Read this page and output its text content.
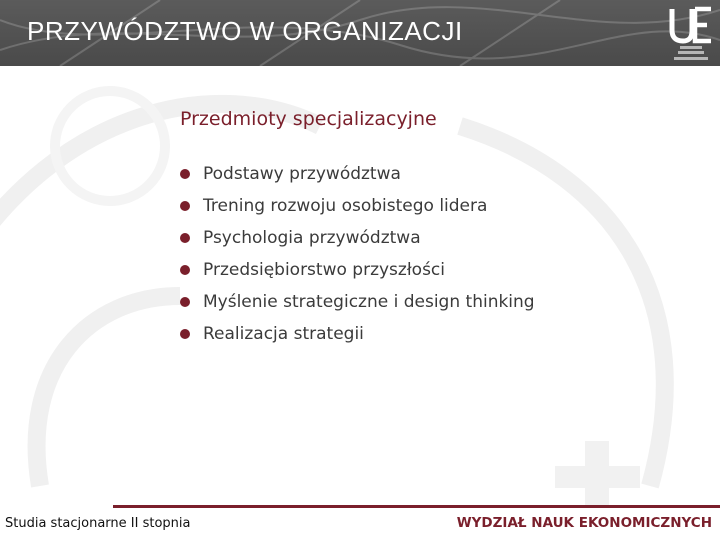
PRZYWÓDZTWO W ORGANIZACJI
Przedmioty specjalizacyjne
Podstawy przywództwa
Trening rozwoju osobistego lidera
Psychologia przywództwa
Przedsiębiorstwo przyszłości
Myślenie strategiczne i design thinking
Realizacja strategii
Studia stacjonarne II stopnia	WYDZIAŁ NAUK EKONOMICZNYCH
